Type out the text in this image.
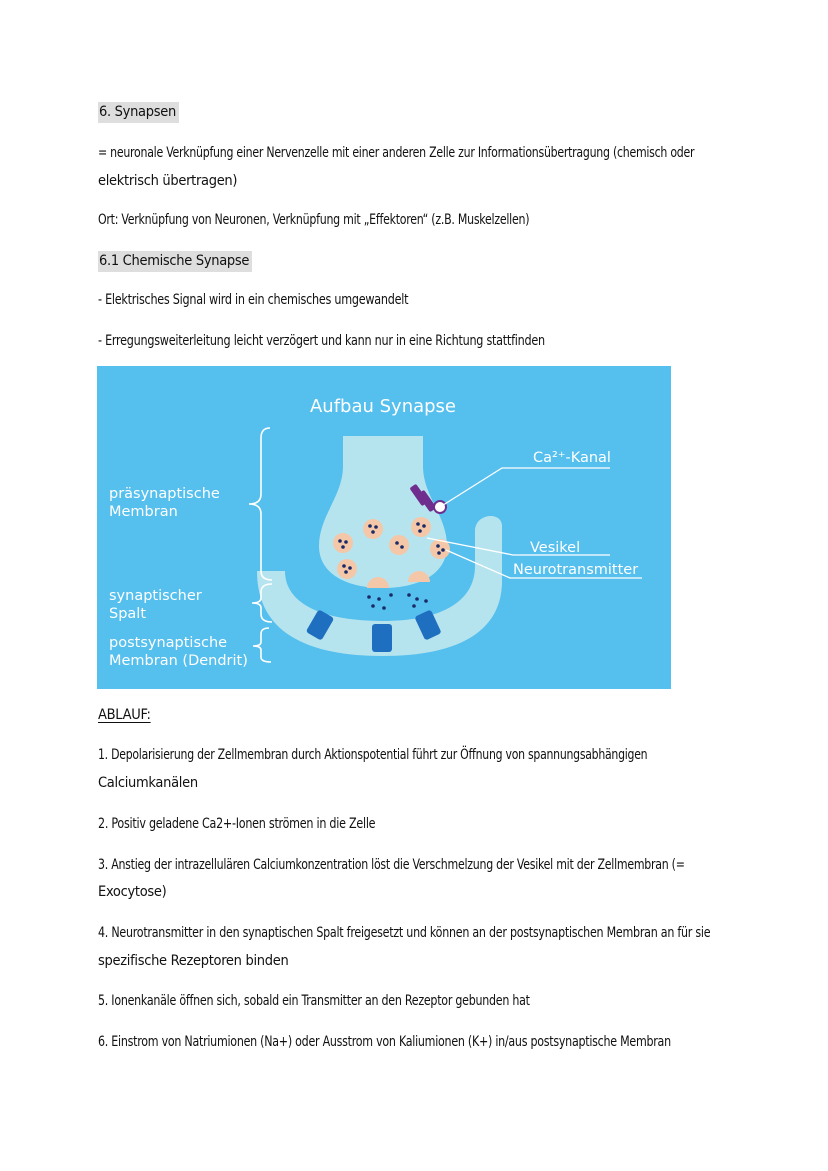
6. Synapsen
= neuronale Verknüpfung einer Nervenzelle mit einer anderen Zelle zur Informationsübertragung (chemisch oder
elektrisch übertragen)
Ort: Verknüpfung von Neuronen, Verknüpfung mit „Effektoren“ (z.B. Muskelzellen)
6.1 Chemische Synapse
- Elektrisches Signal wird in ein chemisches umgewandelt
- Erregungsweiterleitung leicht verzögert und kann nur in eine Richtung stattfinden
Aufbau Synapse
präsynaptische
Membran
synaptischer
Spalt
postsynaptische
Membran (Dendrit)
Ca²⁺-Kanal
Vesikel
Neurotransmitter
ABLAUF:
1. Depolarisierung der Zellmembran durch Aktionspotential führt zur Öffnung von spannungsabhängigen
Calciumkanälen
2. Positiv geladene Ca2+-Ionen strömen in die Zelle
3. Anstieg der intrazellulären Calciumkonzentration löst die Verschmelzung der Vesikel mit der Zellmembran (=
Exocytose)
4. Neurotransmitter in den synaptischen Spalt freigesetzt und können an der postsynaptischen Membran an für sie
spezifische Rezeptoren binden
5. Ionenkanäle öffnen sich, sobald ein Transmitter an den Rezeptor gebunden hat
6. Einstrom von Natriumionen (Na+) oder Ausstrom von Kaliumionen (K+) in/aus postsynaptische Membran
